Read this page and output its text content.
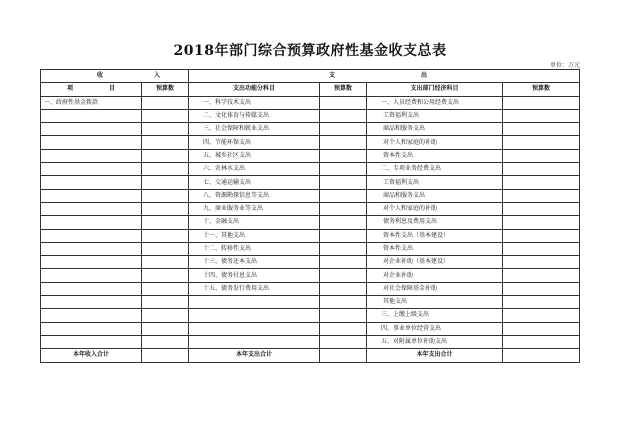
2018年部门综合预算政府性基金收支总表
单位：万元
收 入		支 出			

项 目	预算数	支出功能分科目	预算数	支出部门经济科目	预算数
一、政府性基金拨款		一、科学技术支出		一、人员经费和公用经费支出	
		二、文化体育与传媒支出		工资福利支出	
		三、社会保障和就业支出		商品和服务支出	
		四、节能环保支出		对个人和家庭的补助	
		五、城乡社区支出		资本性支出	
		六、农林水支出		二、专项业务经费支出	
		七、交通运输支出		工资福利支出	
		八、资源勘探信息等支出		商品和服务支出	
		九、商业服务业等支出		对个人和家庭的补助	
		十、金融支出		债务利息及费用支出	
		十一、其他支出		资本性支出（基本建设）	
		十二、转移性支出		资本性支出	
		十三、债务还本支出		对企业补助（基本建设）	
		十四、债务付息支出		对企业补助	
		十五、债务发行费用支出		对社会保障基金补助	
				其他支出	
				三、上缴上级支出	
				四、事业单位经营支出	
				五、对附属单位补助支出	
本年收入合计		本年支出合计		本年支出合计	
